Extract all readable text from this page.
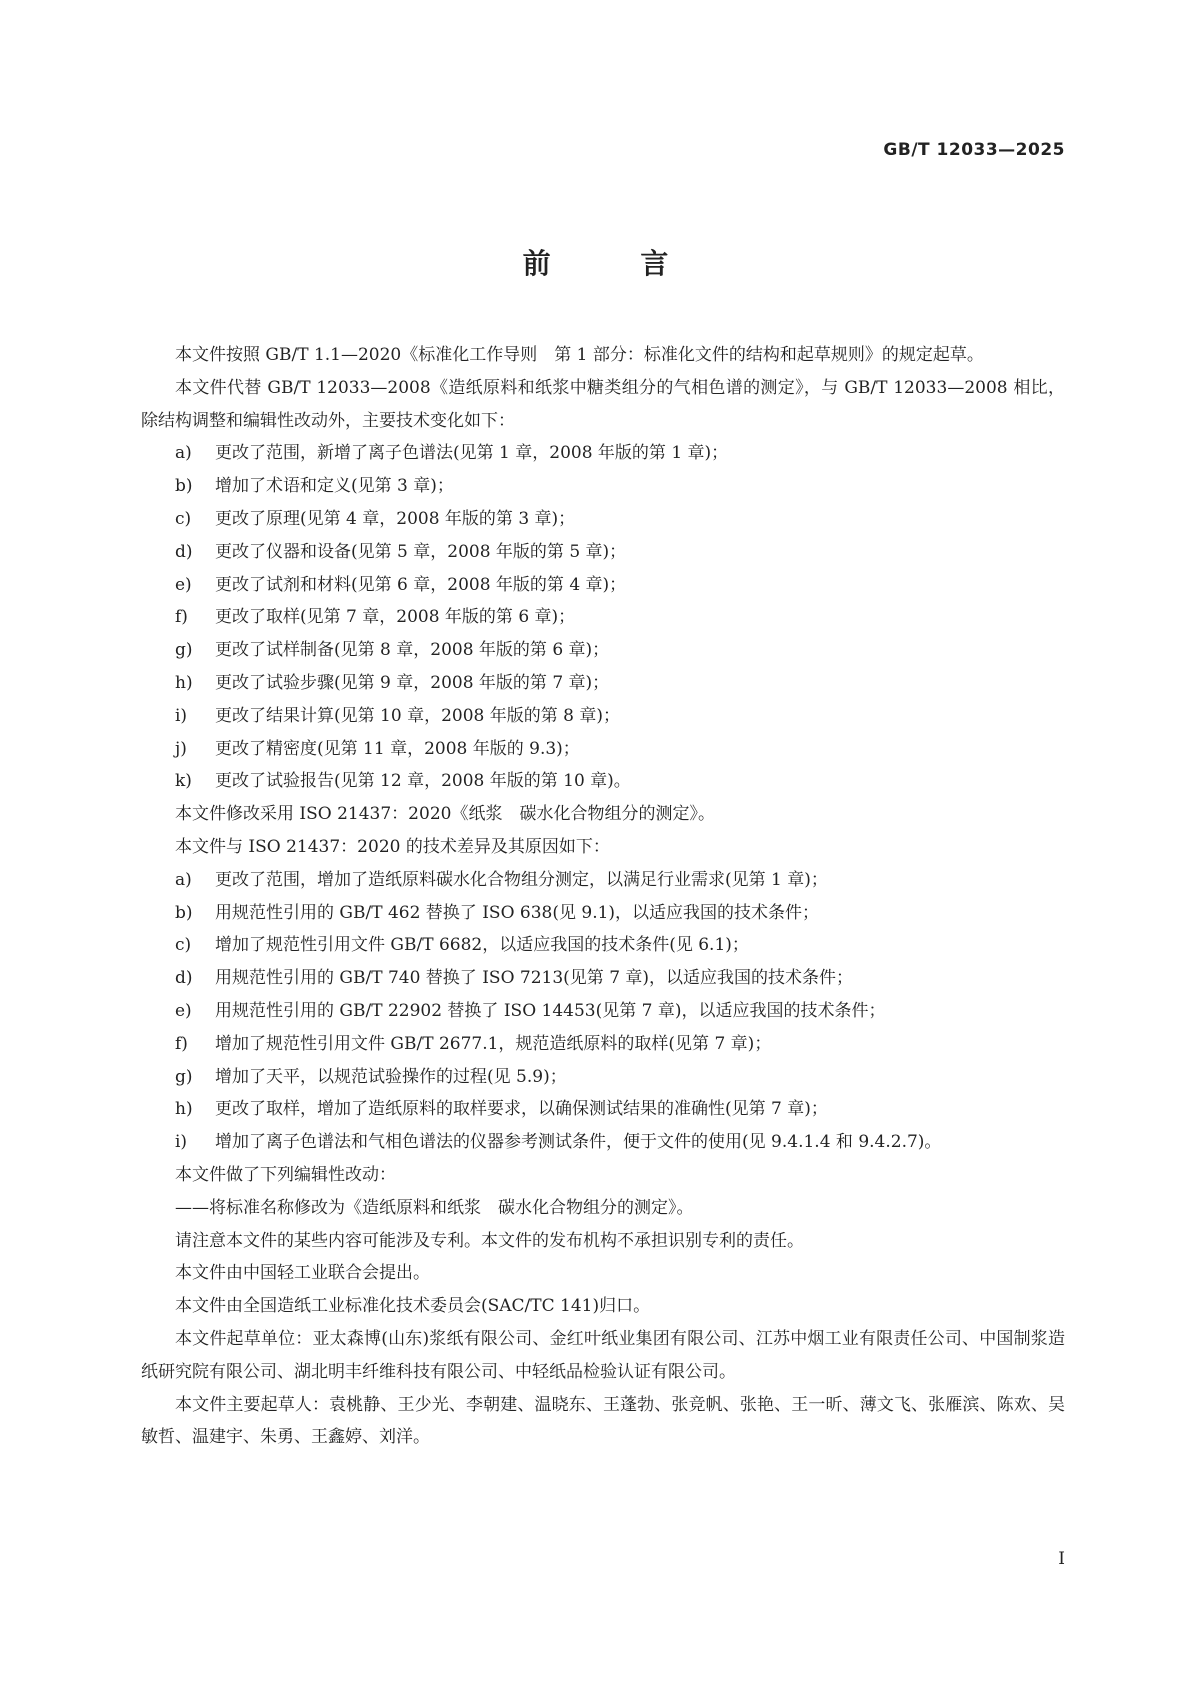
GB/T 12033—2025
前 言

本文件按照 GB/T 1.1—2020《标准化工作导则　第 1 部分：标准化文件的结构和起草规则》的规定起草。

本文件代替 GB/T 12033—2008《造纸原料和纸浆中糖类组分的气相色谱的测定》，与 GB/T 12033—2008 相比，除结构调整和编辑性改动外，主要技术变化如下：

a)	更改了范围，新增了离子色谱法(见第 1 章，2008 年版的第 1 章)；
b)	增加了术语和定义(见第 3 章)；
c)	更改了原理(见第 4 章，2008 年版的第 3 章)；
d)	更改了仪器和设备(见第 5 章，2008 年版的第 5 章)；
e)	更改了试剂和材料(见第 6 章，2008 年版的第 4 章)；
f)	更改了取样(见第 7 章，2008 年版的第 6 章)；
g)	更改了试样制备(见第 8 章，2008 年版的第 6 章)；
h)	更改了试验步骤(见第 9 章，2008 年版的第 7 章)；
i)	更改了结果计算(见第 10 章，2008 年版的第 8 章)；
j)	更改了精密度(见第 11 章，2008 年版的 9.3)；
k)	更改了试验报告(见第 12 章，2008 年版的第 10 章)。

本文件修改采用 ISO 21437：2020《纸浆　碳水化合物组分的测定》。

本文件与 ISO 21437：2020 的技术差异及其原因如下：

a)	更改了范围，增加了造纸原料碳水化合物组分测定，以满足行业需求(见第 1 章)；
b)	用规范性引用的 GB/T 462 替换了 ISO 638(见 9.1)，以适应我国的技术条件；
c)	增加了规范性引用文件 GB/T 6682，以适应我国的技术条件(见 6.1)；
d)	用规范性引用的 GB/T 740 替换了 ISO 7213(见第 7 章)，以适应我国的技术条件；
e)	用规范性引用的 GB/T 22902 替换了 ISO 14453(见第 7 章)，以适应我国的技术条件；
f)	增加了规范性引用文件 GB/T 2677.1，规范造纸原料的取样(见第 7 章)；
g)	增加了天平，以规范试验操作的过程(见 5.9)；
h)	更改了取样，增加了造纸原料的取样要求，以确保测试结果的准确性(见第 7 章)；
i)	增加了离子色谱法和气相色谱法的仪器参考测试条件，便于文件的使用(见 9.4.1.4 和 9.4.2.7)。

本文件做了下列编辑性改动：

——将标准名称修改为《造纸原料和纸浆　碳水化合物组分的测定》。

请注意本文件的某些内容可能涉及专利。本文件的发布机构不承担识别专利的责任。

本文件由中国轻工业联合会提出。

本文件由全国造纸工业标准化技术委员会(SAC/TC 141)归口。

本文件起草单位：亚太森博(山东)浆纸有限公司、金红叶纸业集团有限公司、江苏中烟工业有限责任公司、中国制浆造纸研究院有限公司、湖北明丰纤维科技有限公司、中轻纸品检验认证有限公司。

本文件主要起草人：袁桃静、王少光、李朝建、温晓东、王蓬勃、张竞帆、张艳、王一昕、薄文飞、张雁滨、陈欢、吴敏哲、温建宇、朱勇、王鑫婷、刘洋。

I
